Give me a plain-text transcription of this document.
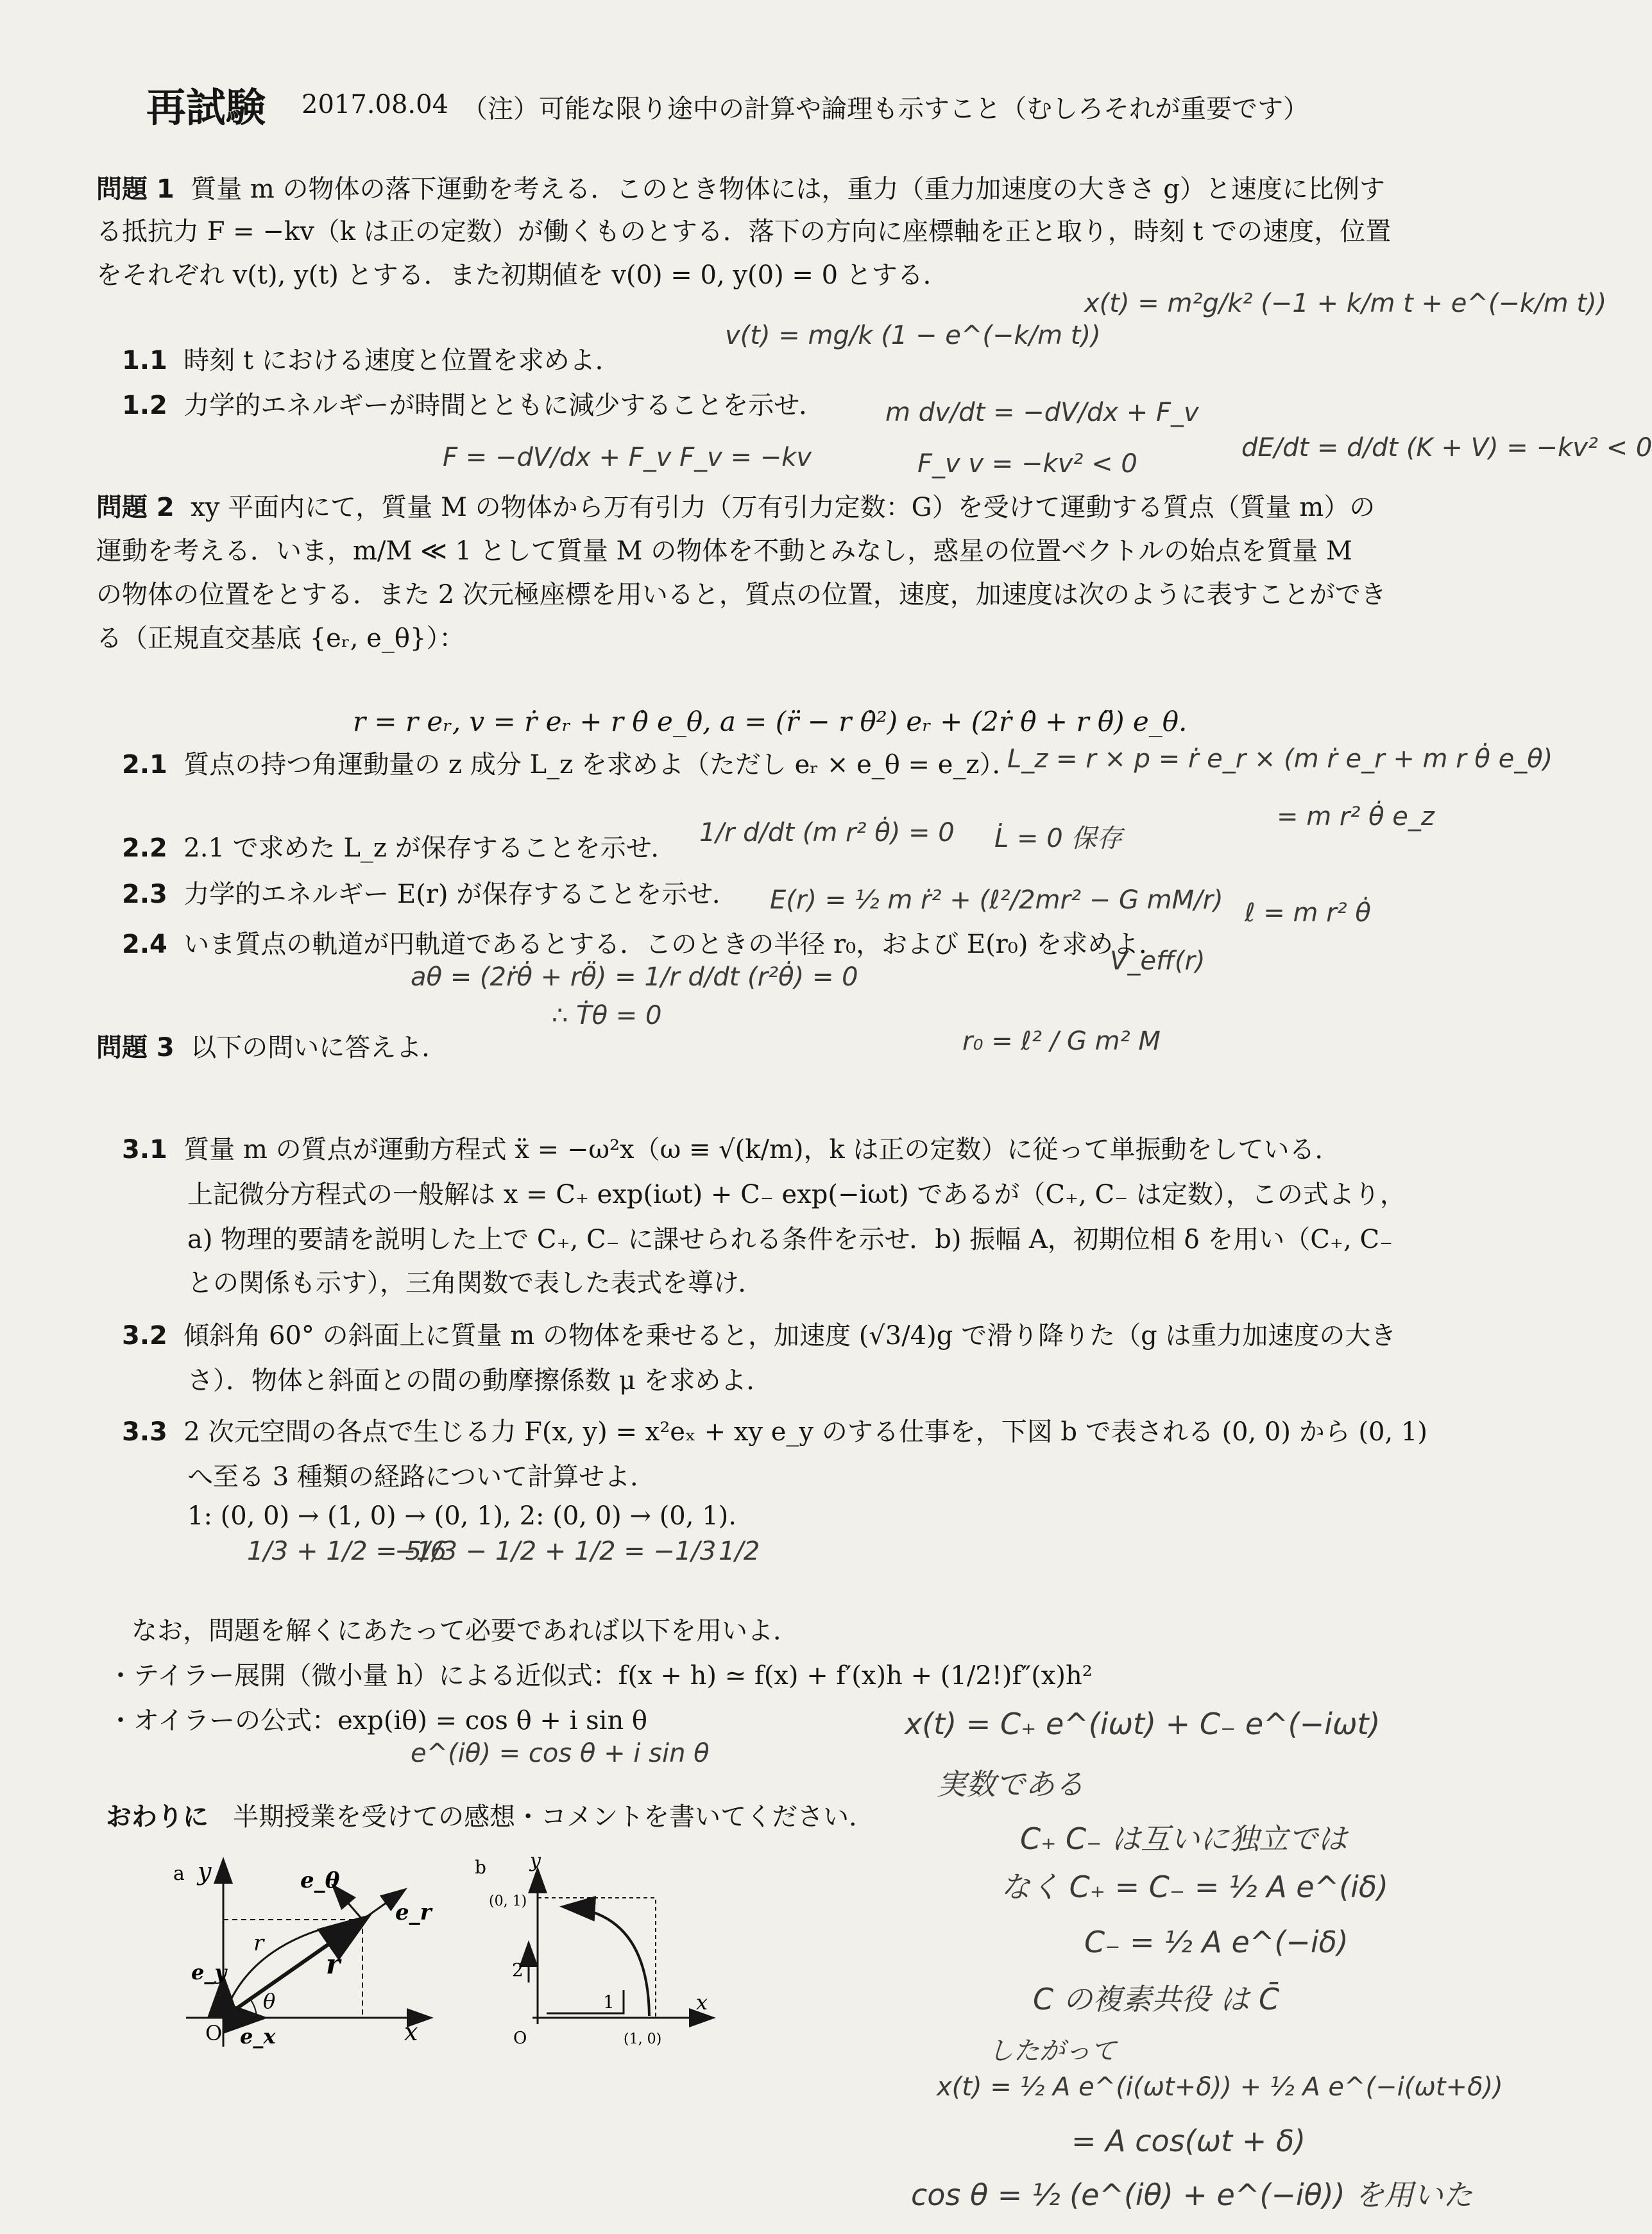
再試験 2017.08.04 （注）可能な限り途中の計算や論理も示すこと（むしろそれが重要です）
問題 1 質量 m の物体の落下運動を考える．このとき物体には，重力（重力加速度の大きさ g）と速度に比例す
る抵抗力 F = −kv（k は正の定数）が働くものとする．落下の方向に座標軸を正と取り，時刻 t での速度，位置
をそれぞれ v(t), y(t) とする．また初期値を v(0) = 0, y(0) = 0 とする．
1.1 時刻 t における速度と位置を求めよ．
1.2 力学的エネルギーが時間とともに減少することを示せ．
問題 2 xy 平面内にて，質量 M の物体から万有引力（万有引力定数：G）を受けて運動する質点（質量 m）の
運動を考える．いま，m/M ≪ 1 として質量 M の物体を不動とみなし，惑星の位置ベクトルの始点を質量 M
の物体の位置をとする．また 2 次元極座標を用いると，質点の位置，速度，加速度は次のように表すことができ
る（正規直交基底 {eᵣ, e_θ}）：
r = r eᵣ, v = ṙ eᵣ + r θ̇ e_θ, a = (r̈ − r θ̇²) eᵣ + (2ṙ θ̇ + r θ̈) e_θ.
2.1 質点の持つ角運動量の z 成分 L_z を求めよ（ただし eᵣ × e_θ = e_z）．
2.2 2.1 で求めた L_z が保存することを示せ．
2.3 力学的エネルギー E(r) が保存することを示せ．
2.4 いま質点の軌道が円軌道であるとする．このときの半径 r₀，および E(r₀) を求めよ．
問題 3 以下の問いに答えよ．
3.1 質量 m の質点が運動方程式 ẍ = −ω²x（ω ≡ √(k/m)，k は正の定数）に従って単振動をしている．
上記微分方程式の一般解は x = C₊ exp(iωt) + C₋ exp(−iωt) であるが（C₊, C₋ は定数），この式より，
a) 物理的要請を説明した上で C₊, C₋ に課せられる条件を示せ．b) 振幅 A，初期位相 δ を用い（C₊, C₋
との関係も示す），三角関数で表した表式を導け．
3.2 傾斜角 60° の斜面上に質量 m の物体を乗せると，加速度 (√3/4)g で滑り降りた（g は重力加速度の大き
さ）．物体と斜面との間の動摩擦係数 μ を求めよ．
3.3 2 次元空間の各点で生じる力 F(x, y) = x²eₓ + xy e_y のする仕事を，下図 b で表される (0, 0) から (0, 1)
へ至る 3 種類の経路について計算せよ．
1: (0, 0) → (1, 0) → (0, 1), 2: (0, 0) → (0, 1).
なお，問題を解くにあたって必要であれば以下を用いよ．
・テイラー展開（微小量 h）による近似式：f(x + h) ≃ f(x) + f′(x)h + (1/2!)f″(x)h²
・オイラーの公式：exp(iθ) = cos θ + i sin θ
おわりに 半期授業を受けての感想・コメントを書いてください．
a y
x
O
e_θ
e_r
e_y
e_x
r
r
θ
b y
x
O
(0, 1)
(1, 0)
1
2
v(t) = mg/k (1 − e^(−k/m t))
x(t) = m²g/k² (−1 + k/m t + e^(−k/m t))
m dv/dt = −dV/dx + F_v
dE/dt = d/dt (K + V) = −kv² < 0
F = −dV/dx + F_v F_v = −kv	F_v v = −kv² < 0
L_z = r × p = ṙ e_r × (m ṙ e_r + m r θ̇ e_θ)
= m r² θ̇ e_z
1/r d/dt (m r² θ̇) = 0 L̇ = 0 保存
E(r) = ½ m ṙ² + (ℓ²/2mr² − G mM/r) ℓ = m r² θ̇
V_eff(r)
aθ = (2ṙθ̇ + rθ̈) = 1/r d/dt (r²θ̇) = 0
∴ Ṫθ = 0
r₀ = ℓ² / G m² M
1/3 + 1/2 = 5/6
−1/3 − 1/2 + 1/2 = −1/3 1/2
e^(iθ) = cos θ + i sin θ
x(t) = C₊ e^(iωt) + C₋ e^(−iωt)
実数である
C₊ C₋ は互いに独立では
なく C₊ = C₋ = ½ A e^(iδ)
C₋ = ½ A e^(−iδ)
C の複素共役 は C̄
したがって
x(t) = ½ A e^(i(ωt+δ)) + ½ A e^(−i(ωt+δ))
= A cos(ωt + δ)
cos θ = ½ (e^(iθ) + e^(−iθ)) を用いた
